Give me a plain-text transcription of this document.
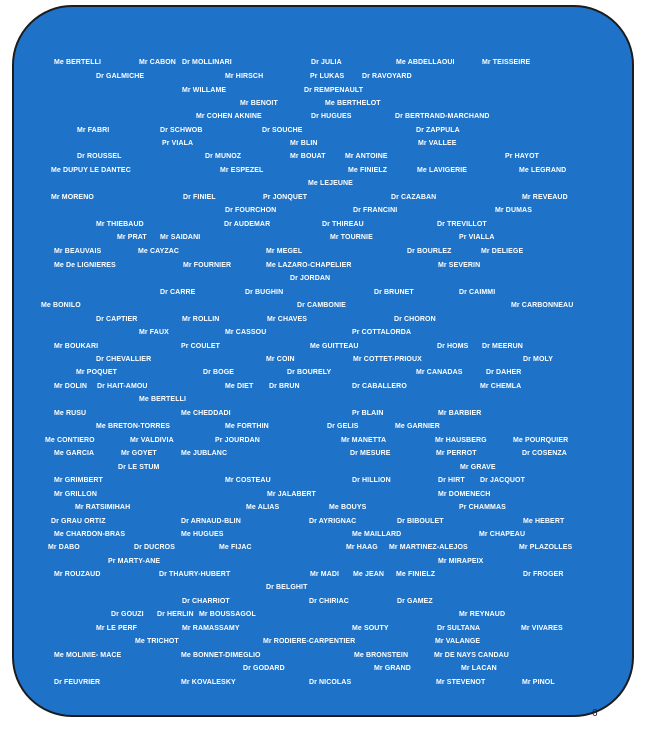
Me BERTELLI	Mr CABON Dr MOLLINARI	Dr JULIA	Me ABDELLAOUI	Mr TEISSEIRE
Dr GALMICHE	Mr HIRSCH	Pr LUKAS	Dr RAVOYARD
Mr WILLAME	Dr REMPENAULT
Mr BENOIT	Me BERTHELOT
Mr COHEN AKNINE	Dr HUGUES	Dr BERTRAND-MARCHAND
Mr FABRI	Dr SCHWOB	Dr SOUCHE	Dr ZAPPULA
Pr VIALA	Mr BLIN	Mr VALLEE
Dr ROUSSEL	Dr MUNOZ	Mr BOUAT	Mr ANTOINE	Pr HAYOT
Me DUPUY LE DANTEC	Mr ESPEZEL	Me FINIELZ	Me LAVIGERIE	Me LEGRAND
Me LEJEUNE
Mr MORENO	Dr FINIEL	Pr JONQUET	Dr CAZABAN	Mr REVEAUD
Dr FOURCHON	Dr FRANCINI	Mr DUMAS
Mr THIEBAUD	Dr AUDEMAR	Dr THIREAU	Dr TREVILLOT
Mr PRAT Mr SAIDANI	Mr TOURNIE	Pr VIALLA
Mr BEAUVAIS	Me CAYZAC	Mr MEGEL	Dr BOURLEZ	Mr DELIEGE
Me De LIGNIERES	Mr FOURNIER	Me LAZARO-CHAPELIER	Mr SEVERIN
Dr JORDAN
Dr CARRE	Dr BUGHIN	Dr BRUNET	Dr CAIMMI
Me BONILO	Dr CAMBONIE	Mr CARBONNEAU
Dr CAPTIER	Mr ROLLIN	Mr CHAVES	Dr CHORON
Mr FAUX	Mr CASSOU	Pr COTTALORDA
Mr BOUKARI	Pr COULET	Me GUITTEAU	Dr HOMS Dr MEERUN
Dr CHEVALLIER	Mr COIN	Mr COTTET-PRIOUX	Dr MOLY
Mr POQUET	Dr BOGE	Dr BOURELY	Mr CANADAS	Dr DAHER
Mr DOLIN Dr HAIT-AMOU	Me DIET Dr BRUN	Dr CABALLERO	Mr CHEMLA
Me BERTELLI
Me RUSU	Me CHEDDADI	Pr BLAIN	Mr BARBIER
Me BRETON-TORRES	Me FORTHIN	Dr GELIS	Me GARNIER
Me CONTIERO	Mr VALDIVIA	Pr JOURDAN	Mr MANETTA	Mr HAUSBERG	Me POURQUIER
Me GARCIA	Mr GOYET	Me JUBLANC	Dr MESURE	Mr PERROT	Dr COSENZA
Dr LE STUM	Mr GRAVE
Mr GRIMBERT	Mr COSTEAU	Dr HILLION	Dr HIRT Dr JACQUOT
Mr GRILLON	Mr JALABERT	Mr DOMENECH
Mr RATSIMIHAH	Me ALIAS	Me BOUYS	Pr CHAMMAS
Dr GRAU ORTIZ	Dr ARNAUD-BLIN	Dr AYRIGNAC	Dr BIBOULET	Me HEBERT
Me CHARDON-BRAS	Me HUGUES	Me MAILLARD	Mr CHAPEAU
Mr DABO	Dr DUCROS	Me FIJAC	Mr HAAG Mr MARTINEZ-ALEJOS	Mr PLAZOLLES
Pr MARTY-ANE	Mr MIRAPEIX
Mr ROUZAUD	Dr THAURY-HUBERT	Mr MADI Me JEAN Me FINIELZ	Dr FROGER
Dr BELGHIT
Dr CHARRIOT	Dr CHIRIAC	Dr GAMEZ
Dr GOUZI Dr HERLIN Mr BOUSSAGOL	Mr REYNAUD
Mr LE PERF	Mr RAMASSAMY	Me SOUTY	Dr SULTANA	Mr VIVARES
Me TRICHOT	Mr RODIERE-CARPENTIER	Mr VALANGE
Me MOLINIE- MACE	Me BONNET-DIMEGLIO	Me BRONSTEIN	Mr DE NAYS CANDAU
Dr GODARD	Mr GRAND	Mr LACAN
Dr FEUVRIER	Mr KOVALESKY	Dr NICOLAS	Mr STEVENOT	Mr PINOL
6
